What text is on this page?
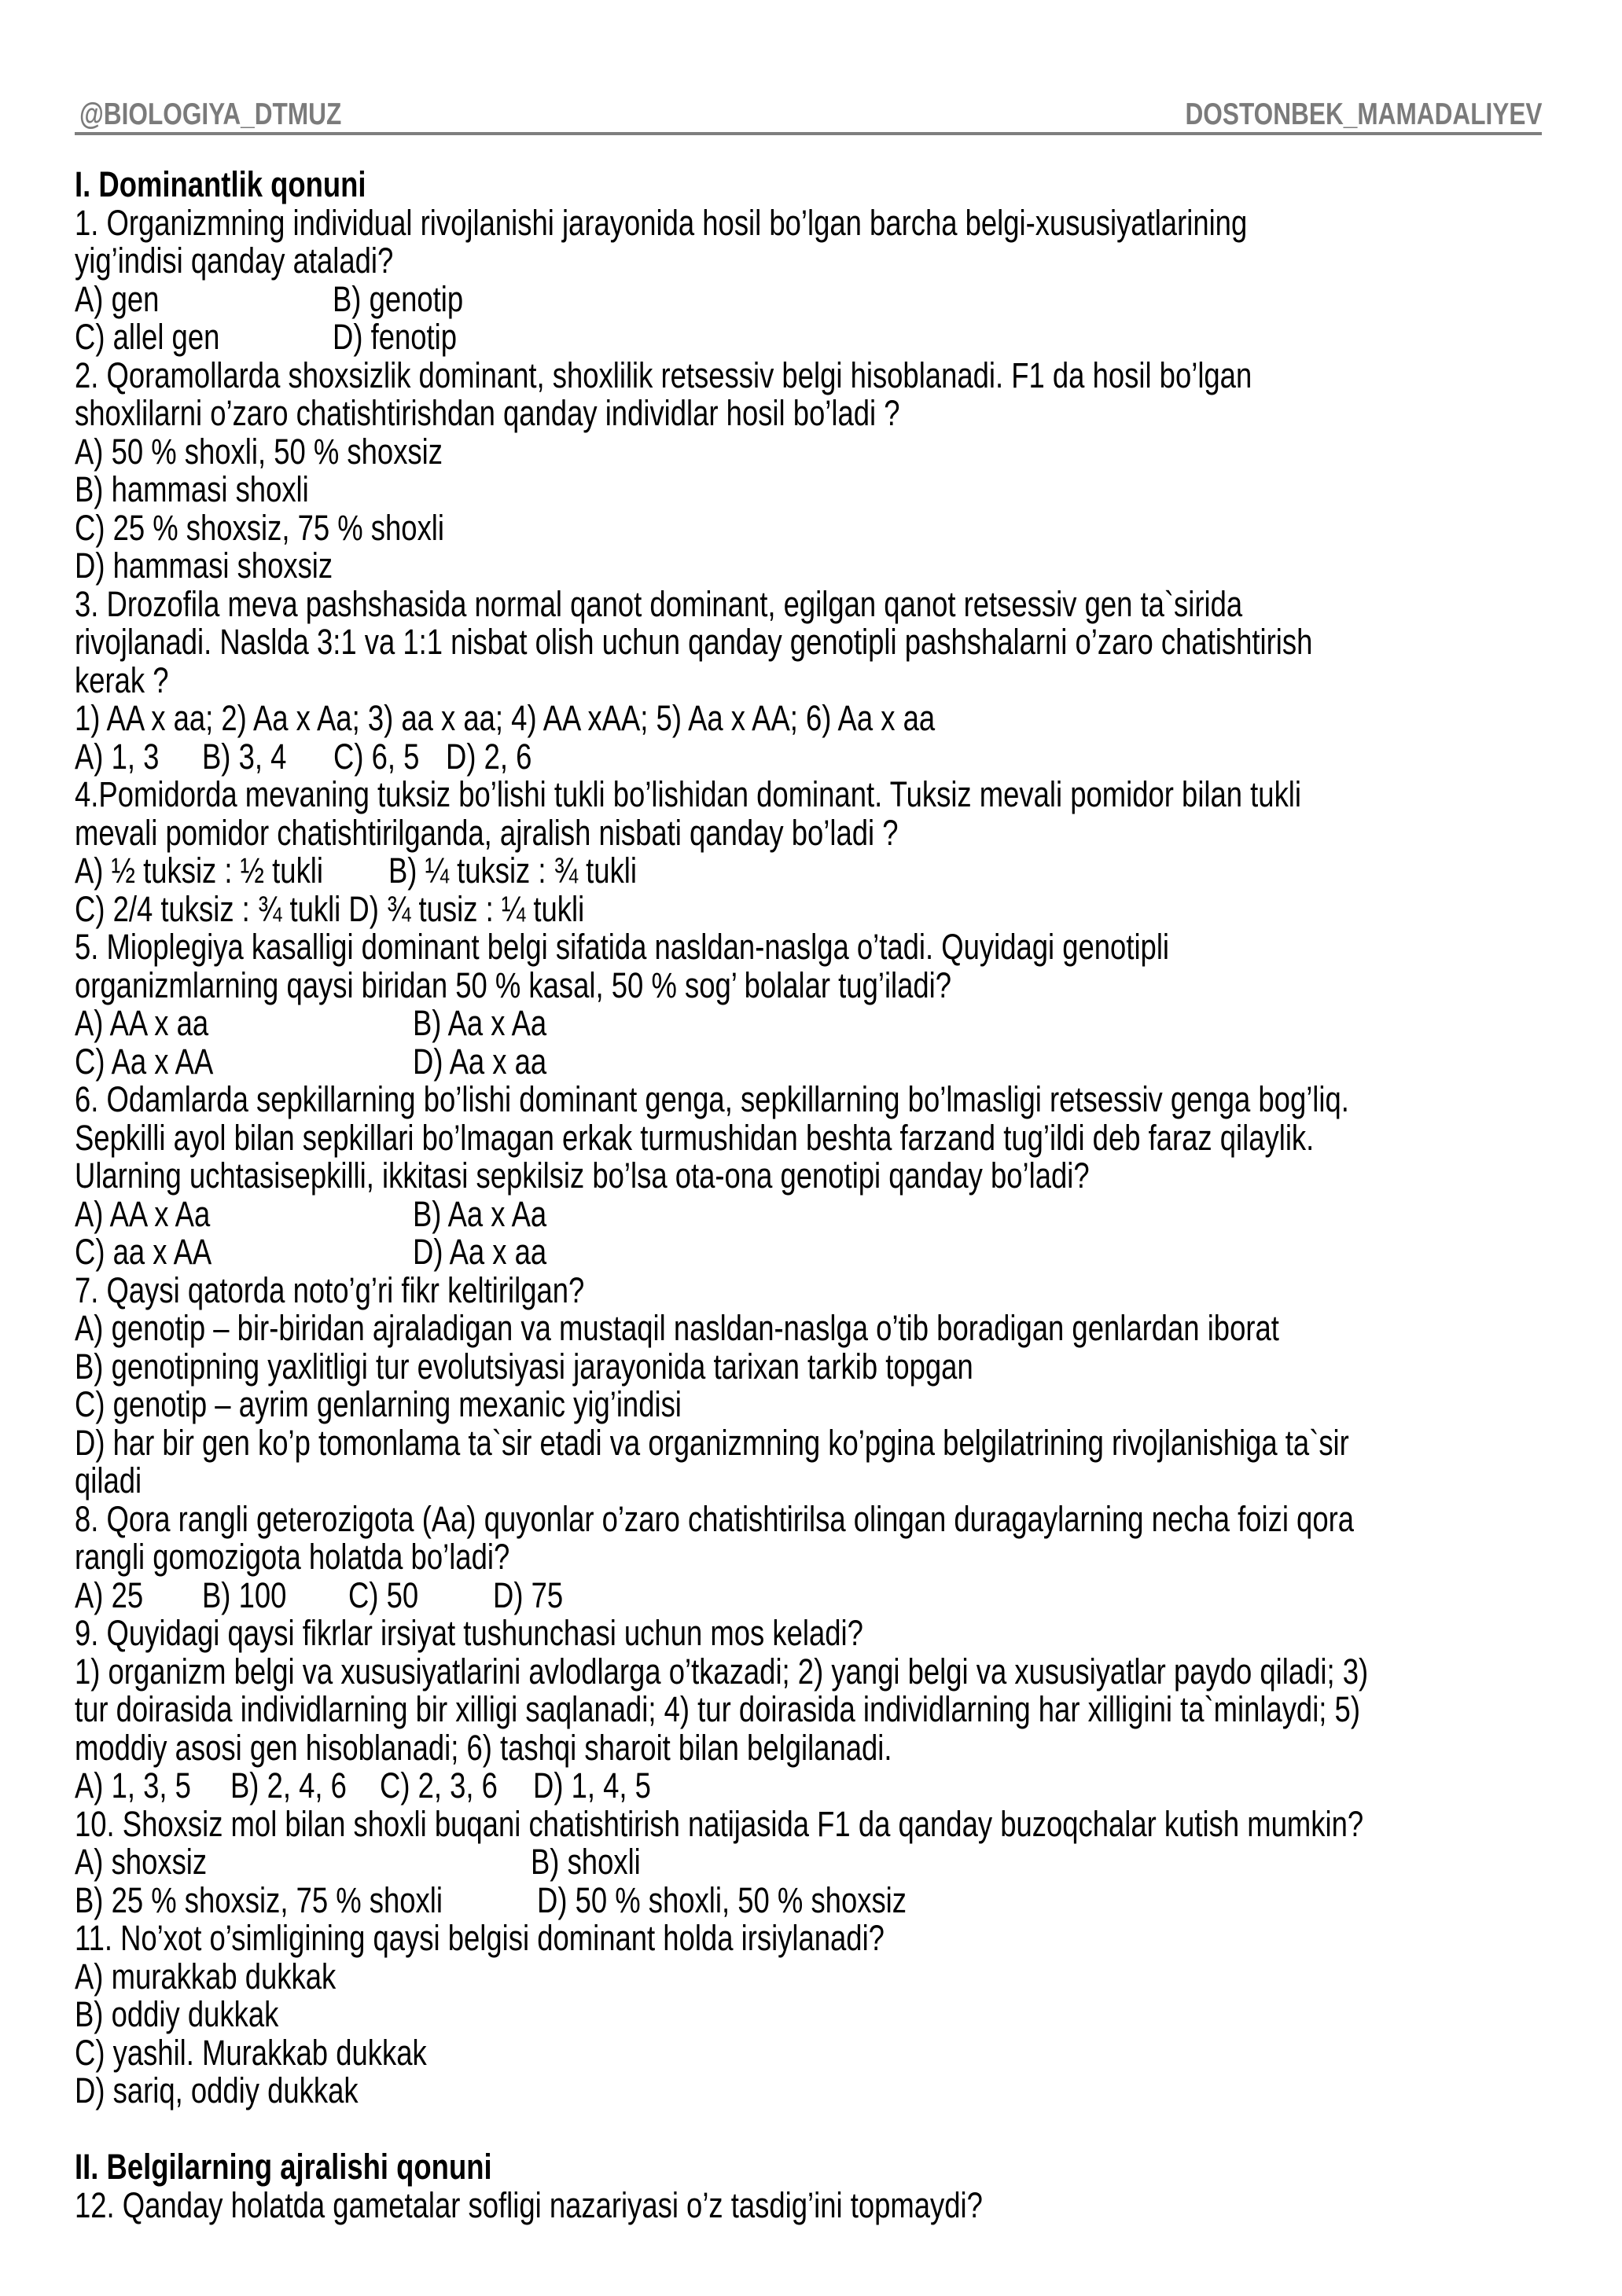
@BIOLOGIYA_DTMUZ	DOSTONBEK_MAMADALIYEV
I. Dominantlik qonuni
1. Organizmning individual rivojlanishi jarayonida hosil bo’lgan barcha belgi-xususiyatlarining
yig’indisi qanday ataladi?
A) gen	B) genotip
C) allel gen	D) fenotip
2. Qoramollarda shoxsizlik dominant, shoxlilik retsessiv belgi hisoblanadi. F1 da hosil bo’lgan
shoxlilarni o’zaro chatishtirishdan qanday individlar hosil bo’ladi ?
A) 50 % shoxli, 50 % shoxsiz
B) hammasi shoxli
C) 25 % shoxsiz, 75 % shoxli
D) hammasi shoxsiz
3. Drozofila meva pashshasida normal qanot dominant, egilgan qanot retsessiv gen ta`sirida
rivojlanadi. Naslda 3:1 va 1:1 nisbat olish uchun qanday genotipli pashshalarni o’zaro chatishtirish
kerak ?
1) AA x aa; 2) Aa x Aa; 3) aa x aa; 4) AA xAA; 5) Aa x AA; 6) Aa x aa
A) 1, 3 B) 3, 4 C) 6, 5 D) 2, 6
4.Pomidorda mevaning tuksiz bo’lishi tukli bo’lishidan dominant. Tuksiz mevali pomidor bilan tukli
mevali pomidor chatishtirilganda, ajralish nisbati qanday bo’ladi ?
A) ½ tuksiz : ½ tukli B) ¼ tuksiz : ¾ tukli
C) 2/4 tuksiz : ¾ tukli D) ¾ tusiz : ¼ tukli
5. Mioplegiya kasalligi dominant belgi sifatida nasldan-naslga o’tadi. Quyidagi genotipli
organizmlarning qaysi biridan 50 % kasal, 50 % sog’ bolalar tug’iladi?
A) AA x aa	B) Aa x Aa
C) Aa x AA	D) Aa x aa
6. Odamlarda sepkillarning bo’lishi dominant genga, sepkillarning bo’lmasligi retsessiv genga bog’liq.
Sepkilli ayol bilan sepkillari bo’lmagan erkak turmushidan beshta farzand tug’ildi deb faraz qilaylik.
Ularning uchtasisepkilli, ikkitasi sepkilsiz bo’lsa ota-ona genotipi qanday bo’ladi?
A) AA x Aa	B) Aa x Aa
C) aa x AA	D) Aa x aa
7. Qaysi qatorda noto’g’ri fikr keltirilgan?
A) genotip – bir-biridan ajraladigan va mustaqil nasldan-naslga o’tib boradigan genlardan iborat
B) genotipning yaxlitligi tur evolutsiyasi jarayonida tarixan tarkib topgan
C) genotip – ayrim genlarning mexanic yig’indisi
D) har bir gen ko’p tomonlama ta`sir etadi va organizmning ko’pgina belgilatrining rivojlanishiga ta`sir
qiladi
8. Qora rangli geterozigota (Aa) quyonlar o’zaro chatishtirilsa olingan duragaylarning necha foizi qora
rangli gomozigota holatda bo’ladi?
A) 25 B) 100 C) 50 D) 75
9. Quyidagi qaysi fikrlar irsiyat tushunchasi uchun mos keladi?
1) organizm belgi va xususiyatlarini avlodlarga o’tkazadi; 2) yangi belgi va xususiyatlar paydo qiladi; 3)
tur doirasida individlarning bir xilligi saqlanadi; 4) tur doirasida individlarning har xilligini ta`minlaydi; 5)
moddiy asosi gen hisoblanadi; 6) tashqi sharoit bilan belgilanadi.
A) 1, 3, 5 B) 2, 4, 6 C) 2, 3, 6 D) 1, 4, 5
10. Shoxsiz mol bilan shoxli buqani chatishtirish natijasida F1 da qanday buzoqchalar kutish mumkin?
A) shoxsiz	B) shoxli
B) 25 % shoxsiz, 75 % shoxli	D) 50 % shoxli, 50 % shoxsiz
11. No’xot o’simligining qaysi belgisi dominant holda irsiylanadi?
A) murakkab dukkak
B) oddiy dukkak
C) yashil. Murakkab dukkak
D) sariq, oddiy dukkak
II. Belgilarning ajralishi qonuni
12. Qanday holatda gametalar sofligi nazariyasi o’z tasdig’ini topmaydi?
